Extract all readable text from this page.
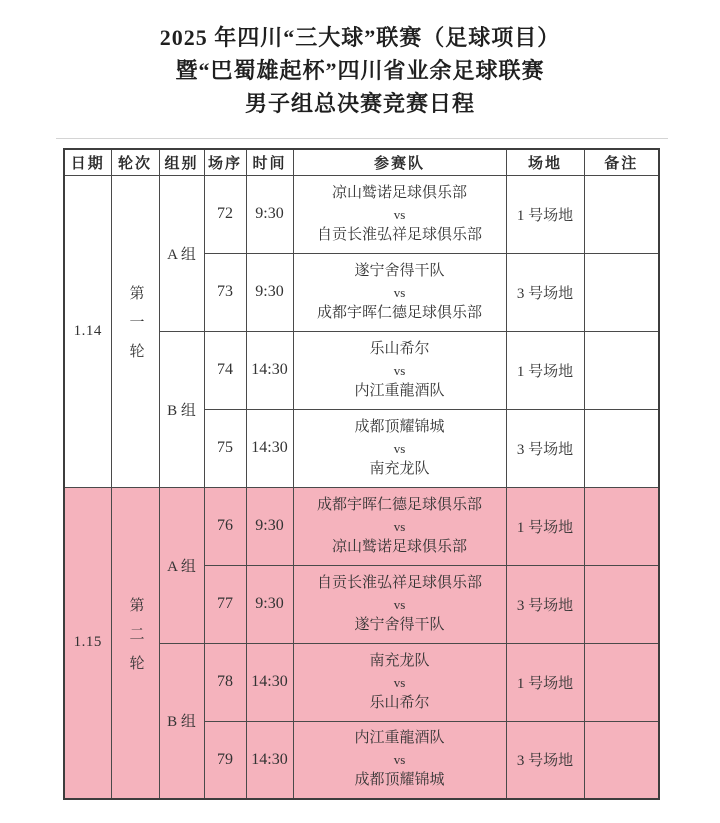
2025 年四川“三大球”联赛（足球项目）
暨“巴蜀雄起杯”四川省业余足球联赛
男子组总决赛竞赛日程
日期	轮次	组别	场序	时间	参赛队	场地	备注
1.14	第一轮	A 组	72	9:30	凉山鹫诺足球俱乐部
vs
自贡长淮弘祥足球俱乐部	1 号场地	
			73	9:30	遂宁舍得干队
vs
成都宇晖仁德足球俱乐部	3 号场地	
		B 组	74	14:30	乐山希尔
vs
内江重龍酒队	1 号场地	
			75	14:30	成都顶耀锦城
vs
南充龙队	3 号场地	
1.15	第二轮	A 组	76	9:30	成都宇晖仁德足球俱乐部
vs
凉山鹫诺足球俱乐部	1 号场地	
			77	9:30	自贡长淮弘祥足球俱乐部
vs
遂宁舍得干队	3 号场地	
		B 组	78	14:30	南充龙队
vs
乐山希尔	1 号场地	
			79	14:30	内江重龍酒队
vs
成都顶耀锦城	3 号场地	
